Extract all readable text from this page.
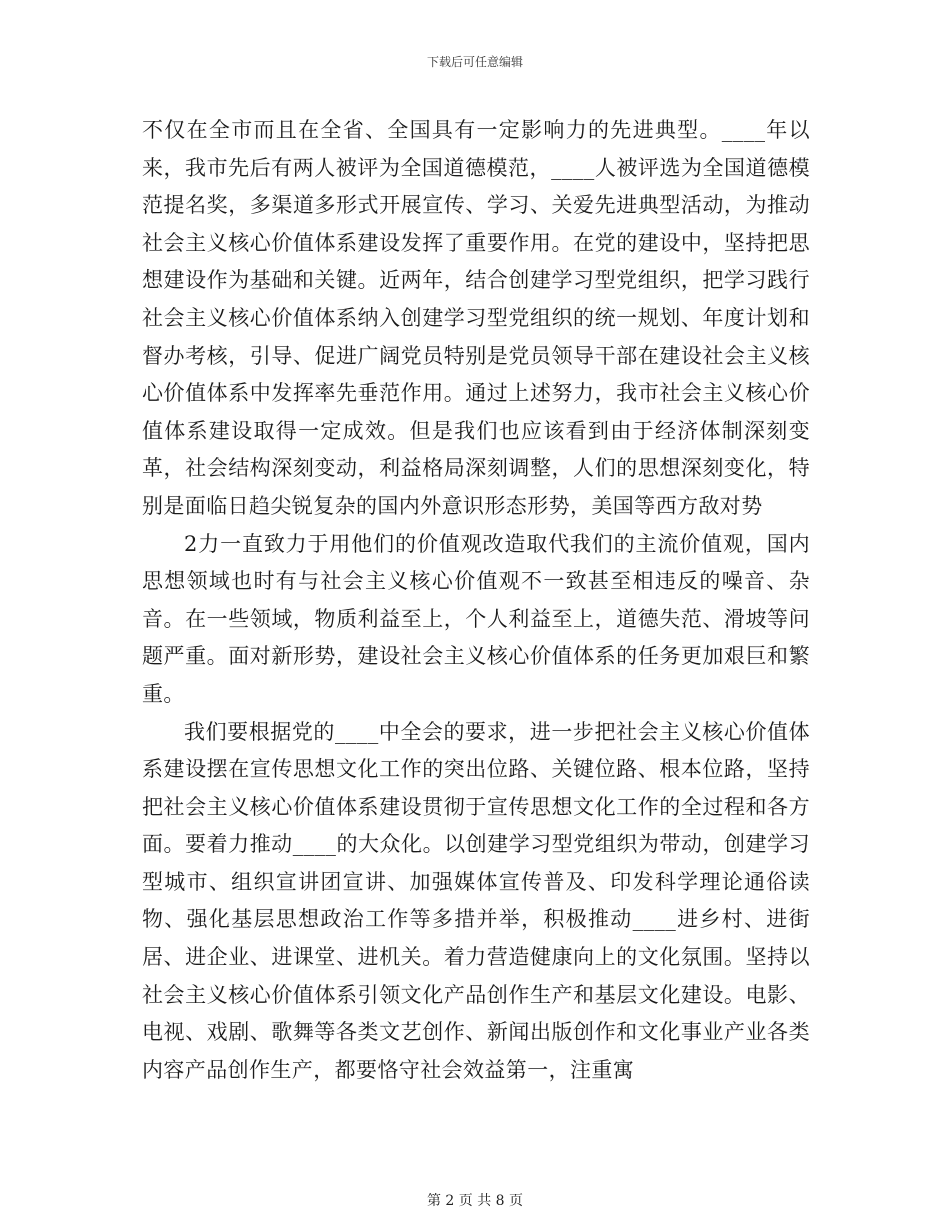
下载后可任意编辑

不仅在全市而且在全省、全国具有一定影响力的先进典型。____年以来，我市先后有两人被评为全国道德模范，____人被评选为全国道德模范提名奖，多渠道多形式开展宣传、学习、关爱先进典型活动，为推动社会主义核心价值体系建设发挥了重要作用。在党的建设中，坚持把思想建设作为基础和关键。近两年，结合创建学习型党组织，把学习践行社会主义核心价值体系纳入创建学习型党组织的统一规划、年度计划和督办考核，引导、促进广阔党员特别是党员领导干部在建设社会主义核心价值体系中发挥率先垂范作用。通过上述努力，我市社会主义核心价值体系建设取得一定成效。但是我们也应该看到由于经济体制深刻变革，社会结构深刻变动，利益格局深刻调整，人们的思想深刻变化，特别是面临日趋尖锐复杂的国内外意识形态形势，美国等西方敌对势

2力一直致力于用他们的价值观改造取代我们的主流价值观，国内思想领域也时有与社会主义核心价值观不一致甚至相违反的噪音、杂音。在一些领域，物质利益至上，个人利益至上，道德失范、滑坡等问题严重。面对新形势，建设社会主义核心价值体系的任务更加艰巨和繁重。

我们要根据党的____中全会的要求，进一步把社会主义核心价值体系建设摆在宣传思想文化工作的突出位路、关键位路、根本位路，坚持把社会主义核心价值体系建设贯彻于宣传思想文化工作的全过程和各方面。要着力推动____的大众化。以创建学习型党组织为带动，创建学习型城市、组织宣讲团宣讲、加强媒体宣传普及、印发科学理论通俗读物、强化基层思想政治工作等多措并举，积极推动____进乡村、进街居、进企业、进课堂、进机关。着力营造健康向上的文化氛围。坚持以社会主义核心价值体系引领文化产品创作生产和基层文化建设。电影、电视、戏剧、歌舞等各类文艺创作、新闻出版创作和文化事业产业各类内容产品创作生产，都要恪守社会效益第一，注重寓

第 2 页 共 8 页
